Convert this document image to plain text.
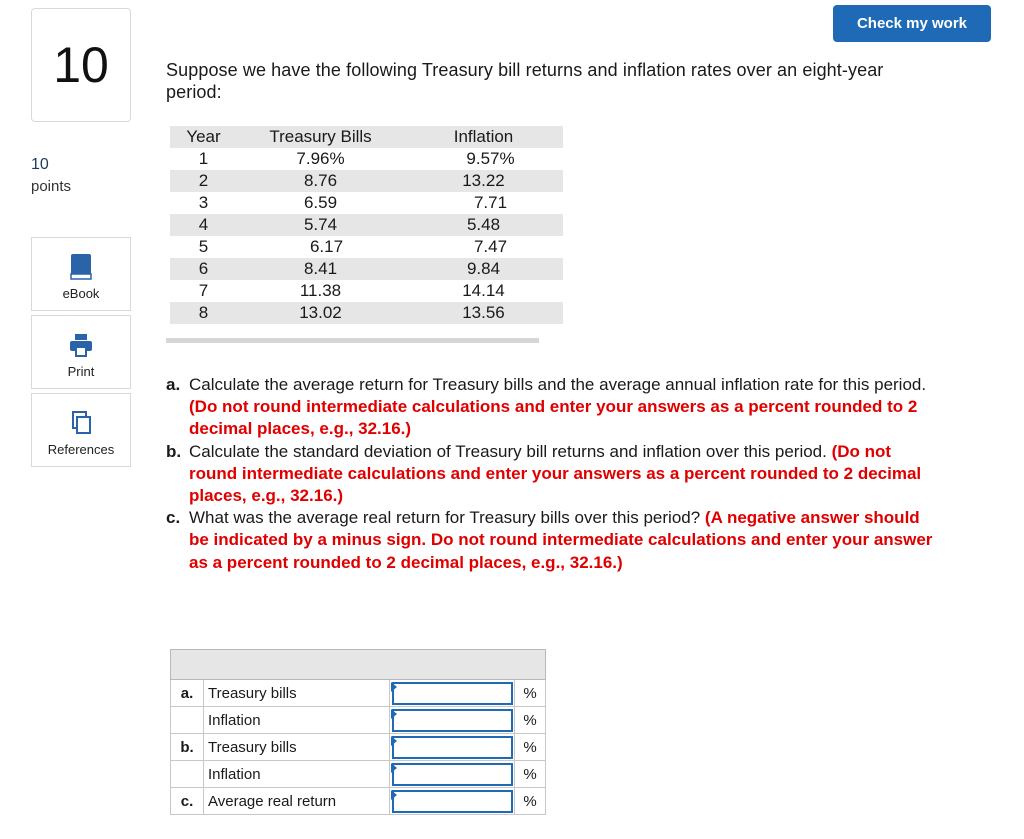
10
10
points
eBook
Print
References
Check my work
Suppose we have the following Treasury bill returns and inflation rates over an eight-year period:
Year	Treasury Bills	Inflation
1	7.96%	9.57%
2	8.76	13.22
3	6.59	7.71
4	5.74	5.48
5	6.17	7.47
6	8.41	9.84
7	11.38	14.14
8	13.02	13.56
a. Calculate the average return for Treasury bills and the average annual inflation rate for this period. (Do not round intermediate calculations and enter your answers as a percent rounded to 2 decimal places, e.g., 32.16.)
b. Calculate the standard deviation of Treasury bill returns and inflation over this period. (Do not round intermediate calculations and enter your answers as a percent rounded to 2 decimal places, e.g., 32.16.)
c. What was the average real return for Treasury bills over this period? (A negative answer should be indicated by a minus sign. Do not round intermediate calculations and enter your answer as a percent rounded to 2 decimal places, e.g., 32.16.)

a.	Treasury bills		%
	Inflation		%
b.	Treasury bills		%
	Inflation		%
c.	Average real return		%
